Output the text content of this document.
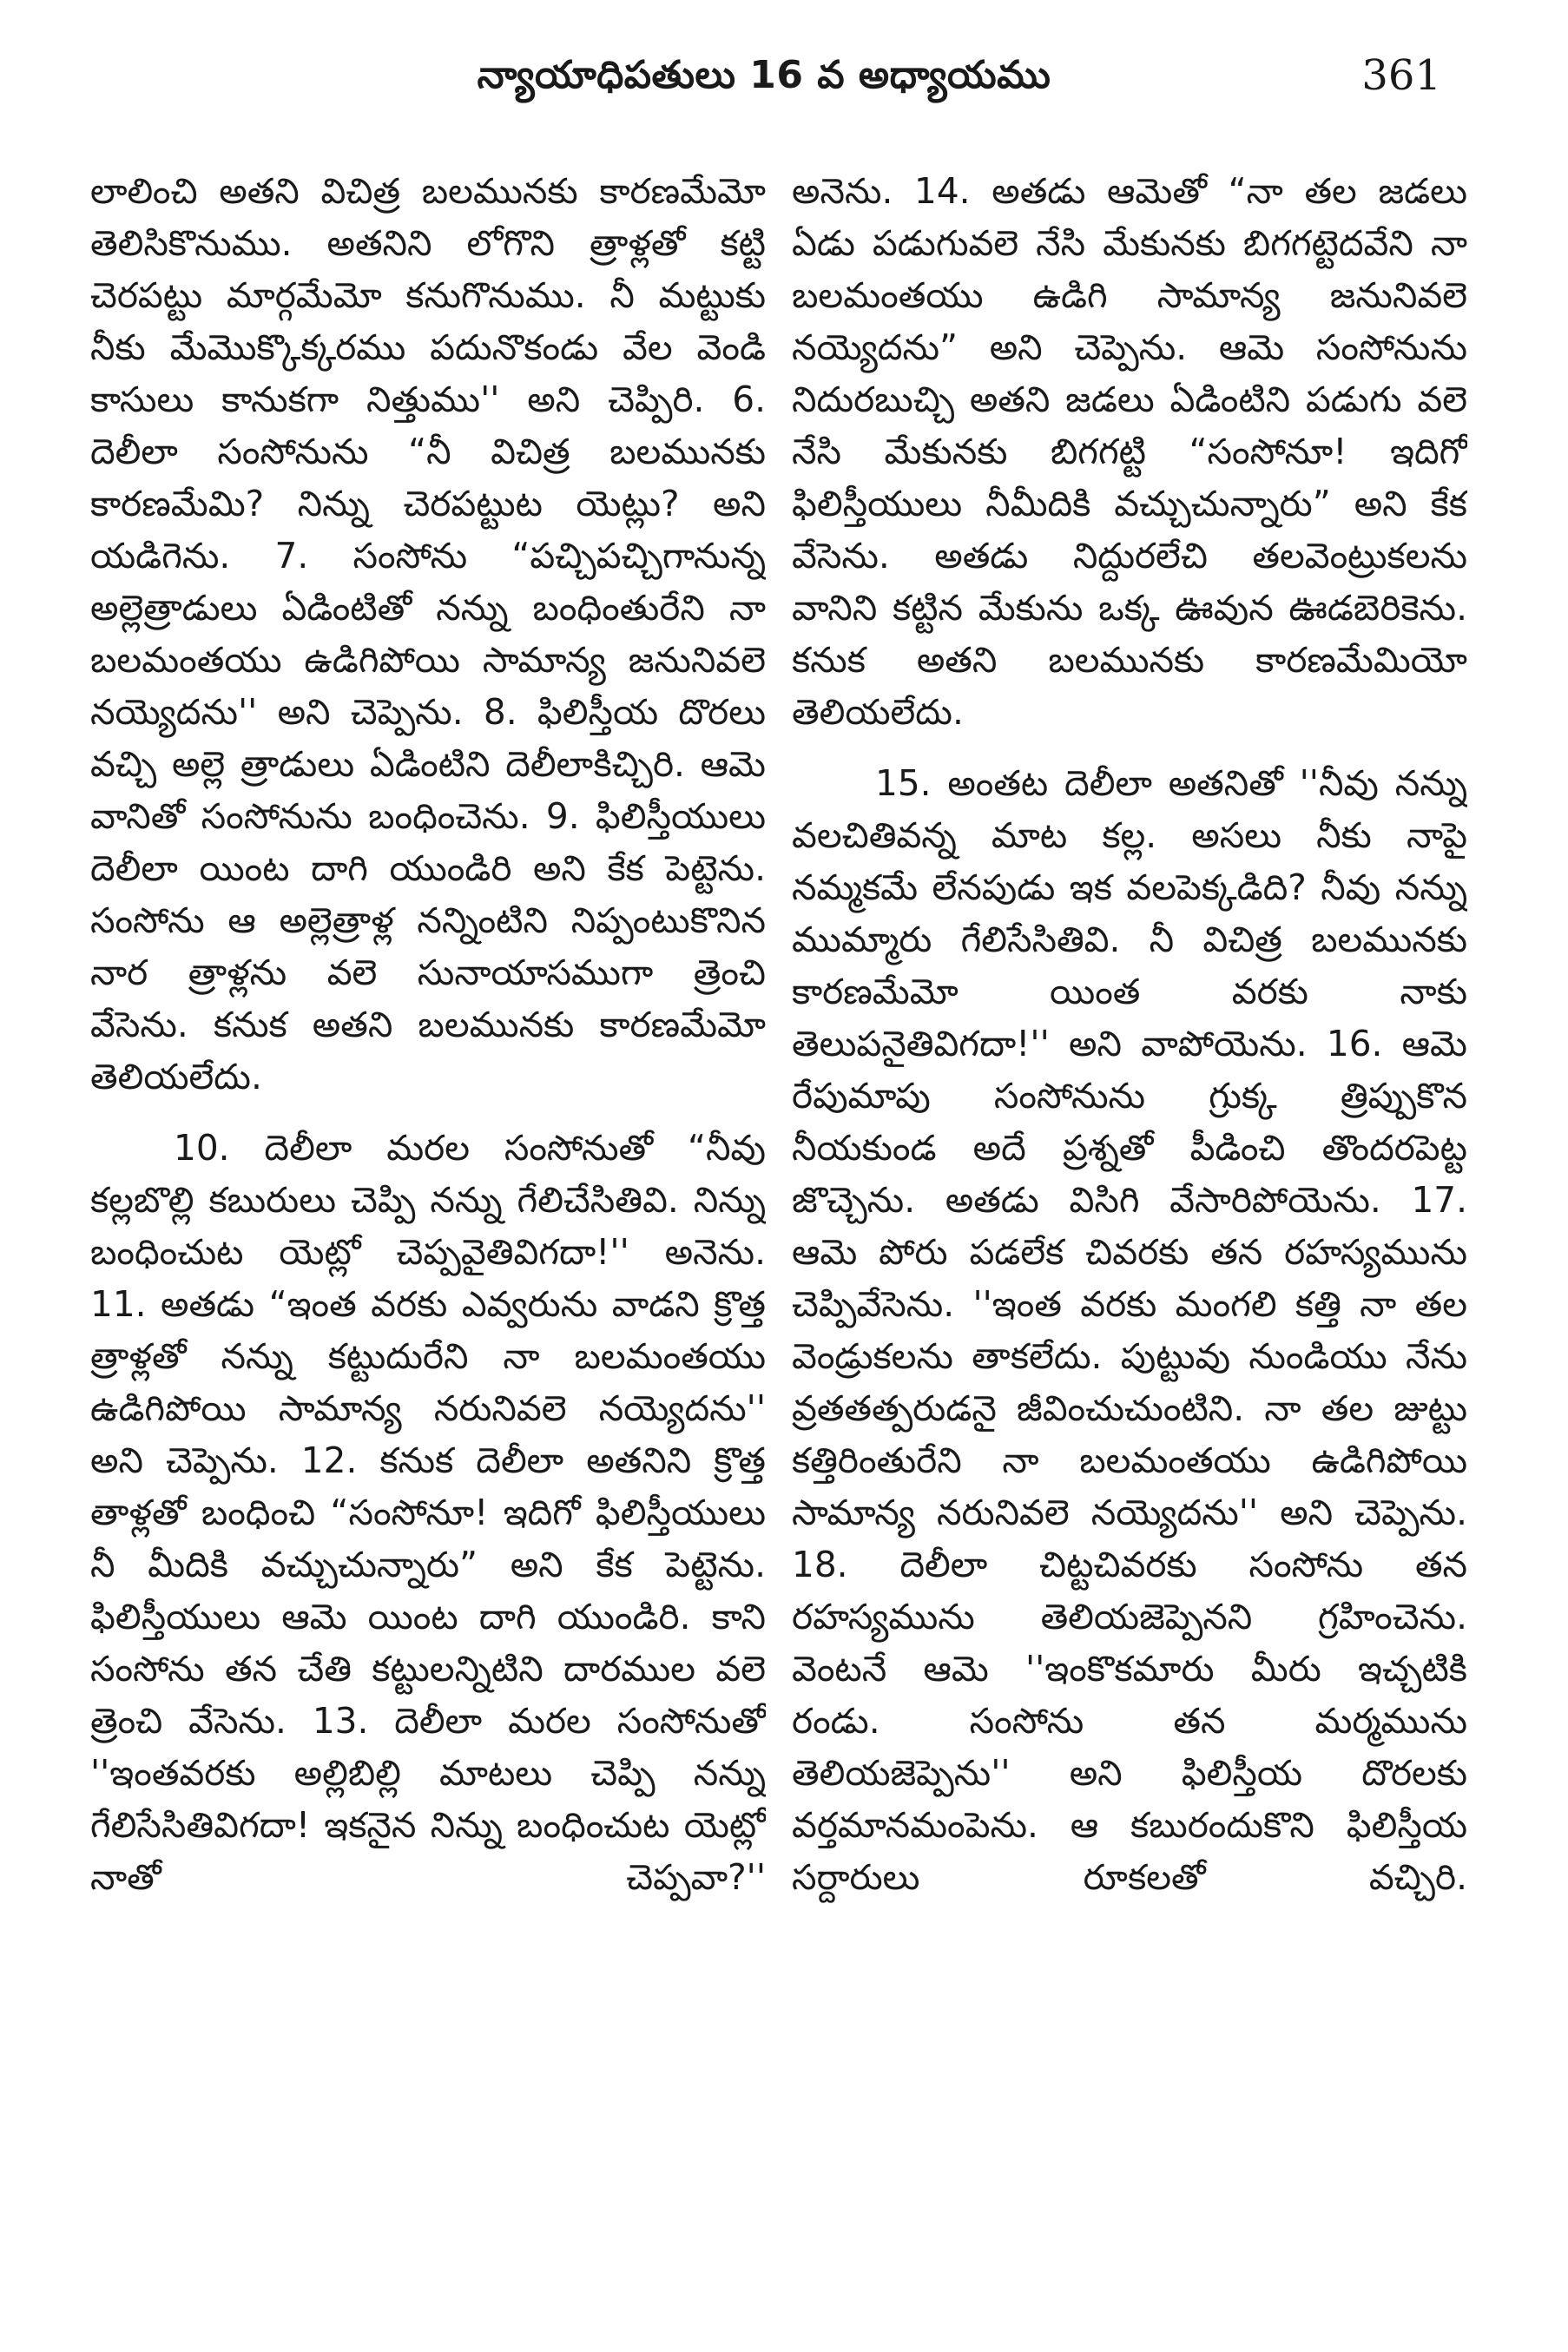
న్యాయాధిపతులు 16 వ అధ్యాయము	361

లాలించి అతని విచిత్ర బలమునకు కారణమేమో తెలిసికొనుము. అతనిని లోగొని త్రాళ్లతో కట్టి చెరపట్టు మార్గమేమో కనుగొనుము. నీ మట్టుకు నీకు మేమొక్కొక్కరము పదునొకండు వేల వెండి కాసులు కానుకగా నిత్తుము'' అని చెప్పిరి. 6. దెలీలా సంసోనును “నీ విచిత్ర బలమునకు కారణమేమి? నిన్ను చెరపట్టుట యెట్లు? అని యడిగెను. 7. సంసోను “పచ్చిపచ్చిగానున్న అల్లెత్రాడులు ఏడింటితో నన్ను బంధింతురేని నా బలమంతయు ఉడిగిపోయి సామాన్య జనునివలె నయ్యెదను'' అని చెప్పెను. 8. ఫిలిస్తీయ దొరలు వచ్చి అల్లె త్రాడులు ఏడింటిని దెలీలాకిచ్చిరి. ఆమె వానితో సంసోనును బంధించెను. 9. ఫిలిస్తీయులు దెలీలా యింట దాగి యుండిరి అని కేక పెట్టెను. సంసోను ఆ అల్లెత్రాళ్ల నన్నింటిని నిప్పంటుకొనిన నార త్రాళ్లను వలె సునాయాసముగా త్రెంచి వేసెను. కనుక అతని బలమునకు కారణమేమో తెలియలేదు.

10. దెలీలా మరల సంసోనుతో “నీవు కల్లబొల్లి కబురులు చెప్పి నన్ను గేలిచేసితివి. నిన్ను బంధించుట యెట్లో చెప్పవైతివిగదా!'' అనెను. 11. అతడు “ఇంత వరకు ఎవ్వరును వాడని క్రొత్త త్రాళ్లతో నన్ను కట్టుదురేని నా బలమంతయు ఉడిగిపోయి సామాన్య నరునివలె నయ్యెదను'' అని చెప్పెను. 12. కనుక దెలీలా అతనిని క్రొత్త తాళ్లతో బంధించి “సంసోనూ! ఇదిగో ఫిలిస్తీయులు నీ మీదికి వచ్చుచున్నారు” అని కేక పెట్టెను. ఫిలిస్తీయులు ఆమె యింట దాగి యుండిరి. కాని సంసోను తన చేతి కట్టులన్నిటిని దారముల వలె త్రెంచి వేసెను. 13. దెలీలా మరల సంసోనుతో ''ఇంతవరకు అల్లిబిల్లి మాటలు చెప్పి నన్ను గేలిసేసితివిగదా! ఇకనైన నిన్ను బంధించుట యెట్లో నాతో చెప్పవా?''

అనెను. 14. అతడు ఆమెతో “నా తల జడలు ఏడు పడుగువలె నేసి మేకునకు బిగగట్టెదవేని నా బలమంతయు ఉడిగి సామాన్య జనునివలె నయ్యెదను” అని చెప్పెను. ఆమె సంసోనును నిదురబుచ్చి అతని జడలు ఏడింటిని పడుగు వలె నేసి మేకునకు బిగగట్టి “సంసోనూ! ఇదిగో ఫిలిస్తీయులు నీమీదికి వచ్చుచున్నారు” అని కేక వేసెను. అతడు నిద్దురలేచి తలవెంట్రుకలను వానిని కట్టిన మేకును ఒక్క ఊవున ఊడబెరికెను. కనుక అతని బలమునకు కారణమేమియో తెలియలేదు.

15. అంతట దెలీలా అతనితో ''నీవు నన్ను వలచితివన్న మాట కల్ల. అసలు నీకు నాపై నమ్మకమే లేనపుడు ఇక వలపెక్కడిది? నీవు నన్ను ముమ్మారు గేలిసేసితివి. నీ విచిత్ర బలమునకు కారణమేమో యింత వరకు నాకు తెలుపనైతివిగదా!'' అని వాపోయెను. 16. ఆమె రేపుమాపు సంసోనును గ్రుక్క త్రిప్పుకొన నీయకుండ అదే ప్రశ్నతో పీడించి తొందరపెట్ట జొచ్చెను. అతడు విసిగి వేసారిపోయెను. 17. ఆమె పోరు పడలేక చివరకు తన రహస్యమును చెప్పివేసెను. ''ఇంత వరకు మంగలి కత్తి నా తల వెండ్రుకలను తాకలేదు. పుట్టువు నుండియు నేను వ్రతతత్పరుడనై జీవించుచుంటిని. నా తల జుట్టు కత్తిరింతురేని నా బలమంతయు ఉడిగిపోయి సామాన్య నరునివలె నయ్యెదను'' అని చెప్పెను. 18. దెలీలా చిట్టచివరకు సంసోను తన రహస్యమును తెలియజెప్పెనని గ్రహించెను. వెంటనే ఆమె ''ఇంకొకమారు మీరు ఇచ్చటికి రండు. సంసోను తన మర్మమును తెలియజెప్పెను'' అని ఫిలిస్తీయ దొరలకు వర్తమానమంపెను. ఆ కబురందుకొని ఫిలిస్తీయ సర్దారులు రూకలతో వచ్చిరి.
